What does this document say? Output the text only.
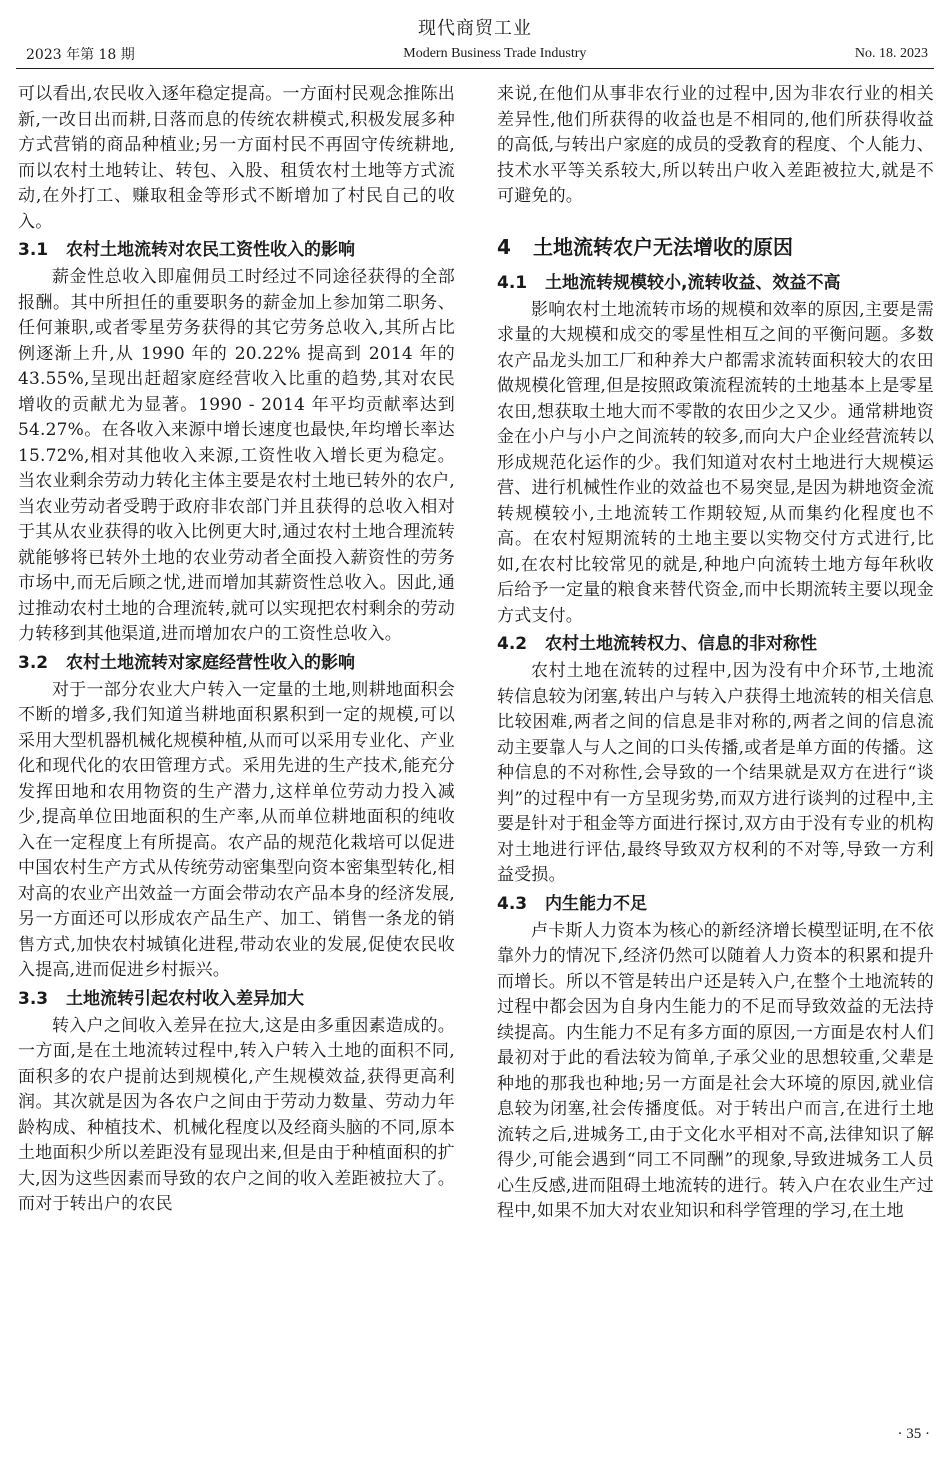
现代商贸工业
2023 年第 18 期	Modern Business Trade Industry	No. 18. 2023

可以看出,农民收入逐年稳定提高。一方面村民观念推陈出新,一改日出而耕,日落而息的传统农耕模式,积极发展多种方式营销的商品种植业;另一方面村民不再固守传统耕地,而以农村土地转让、转包、入股、租赁农村土地等方式流动,在外打工、赚取租金等形式不断增加了村民自己的收入。

3.1 农村土地流转对农民工资性收入的影响

薪金性总收入即雇佣员工时经过不同途径获得的全部报酬。其中所担任的重要职务的薪金加上参加第二职务、任何兼职,或者零星劳务获得的其它劳务总收入,其所占比例逐渐上升,从 1990 年的 20.22% 提高到 2014 年的 43.55%,呈现出赶超家庭经营收入比重的趋势,其对农民增收的贡献尤为显著。1990 - 2014 年平均贡献率达到 54.27%。在各收入来源中增长速度也最快,年均增长率达 15.72%,相对其他收入来源,工资性收入增长更为稳定。当农业剩余劳动力转化主体主要是农村土地已转外的农户,当农业劳动者受聘于政府非农部门并且获得的总收入相对于其从农业获得的收入比例更大时,通过农村土地合理流转就能够将已转外土地的农业劳动者全面投入薪资性的劳务市场中,而无后顾之忧,进而增加其薪资性总收入。因此,通过推动农村土地的合理流转,就可以实现把农村剩余的劳动力转移到其他渠道,进而增加农户的工资性总收入。

3.2 农村土地流转对家庭经营性收入的影响

对于一部分农业大户转入一定量的土地,则耕地面积会不断的增多,我们知道当耕地面积累积到一定的规模,可以采用大型机器机械化规模种植,从而可以采用专业化、产业化和现代化的农田管理方式。采用先进的生产技术,能充分发挥田地和农用物资的生产潜力,这样单位劳动力投入减少,提高单位田地面积的生产率,从而单位耕地面积的纯收入在一定程度上有所提高。农产品的规范化栽培可以促进中国农村生产方式从传统劳动密集型向资本密集型转化,相对高的农业产出效益一方面会带动农产品本身的经济发展,另一方面还可以形成农产品生产、加工、销售一条龙的销售方式,加快农村城镇化进程,带动农业的发展,促使农民收入提高,进而促进乡村振兴。

3.3 土地流转引起农村收入差异加大

转入户之间收入差异在拉大,这是由多重因素造成的。一方面,是在土地流转过程中,转入户转入土地的面积不同,面积多的农户提前达到规模化,产生规模效益,获得更高利润。其次就是因为各农户之间由于劳动力数量、劳动力年龄构成、种植技术、机械化程度以及经商头脑的不同,原本土地面积少所以差距没有显现出来,但是由于种植面积的扩大,因为这些因素而导致的农户之间的收入差距被拉大了。而对于转出户的农民

来说,在他们从事非农行业的过程中,因为非农行业的相关差异性,他们所获得的收益也是不相同的,他们所获得收益的高低,与转出户家庭的成员的受教育的程度、个人能力、技术水平等关系较大,所以转出户收入差距被拉大,就是不可避免的。

4 土地流转农户无法增收的原因
4.1 土地流转规模较小,流转收益、效益不高

影响农村土地流转市场的规模和效率的原因,主要是需求量的大规模和成交的零星性相互之间的平衡问题。多数农产品龙头加工厂和种养大户都需求流转面积较大的农田做规模化管理,但是按照政策流程流转的土地基本上是零星农田,想获取土地大而不零散的农田少之又少。通常耕地资金在小户与小户之间流转的较多,而向大户企业经营流转以形成规范化运作的少。我们知道对农村土地进行大规模运营、进行机械性作业的效益也不易突显,是因为耕地资金流转规模较小,土地流转工作期较短,从而集约化程度也不高。在农村短期流转的土地主要以实物交付方式进行,比如,在农村比较常见的就是,种地户向流转土地方每年秋收后给予一定量的粮食来替代资金,而中长期流转主要以现金方式支付。

4.2 农村土地流转权力、信息的非对称性

农村土地在流转的过程中,因为没有中介环节,土地流转信息较为闭塞,转出户与转入户获得土地流转的相关信息比较困难,两者之间的信息是非对称的,两者之间的信息流动主要靠人与人之间的口头传播,或者是单方面的传播。这种信息的不对称性,会导致的一个结果就是双方在进行“谈判”的过程中有一方呈现劣势,而双方进行谈判的过程中,主要是针对于租金等方面进行探讨,双方由于没有专业的机构对土地进行评估,最终导致双方权利的不对等,导致一方利益受损。

4.3 内生能力不足

卢卡斯人力资本为核心的新经济增长模型证明,在不依靠外力的情况下,经济仍然可以随着人力资本的积累和提升而增长。所以不管是转出户还是转入户,在整个土地流转的过程中都会因为自身内生能力的不足而导致效益的无法持续提高。内生能力不足有多方面的原因,一方面是农村人们最初对于此的看法较为简单,子承父业的思想较重,父辈是种地的那我也种地;另一方面是社会大环境的原因,就业信息较为闭塞,社会传播度低。对于转出户而言,在进行土地流转之后,进城务工,由于文化水平相对不高,法律知识了解得少,可能会遇到“同工不同酬”的现象,导致进城务工人员心生反感,进而阻碍土地流转的进行。转入户在农业生产过程中,如果不加大对农业知识和科学管理的学习,在土地

· 35 ·
